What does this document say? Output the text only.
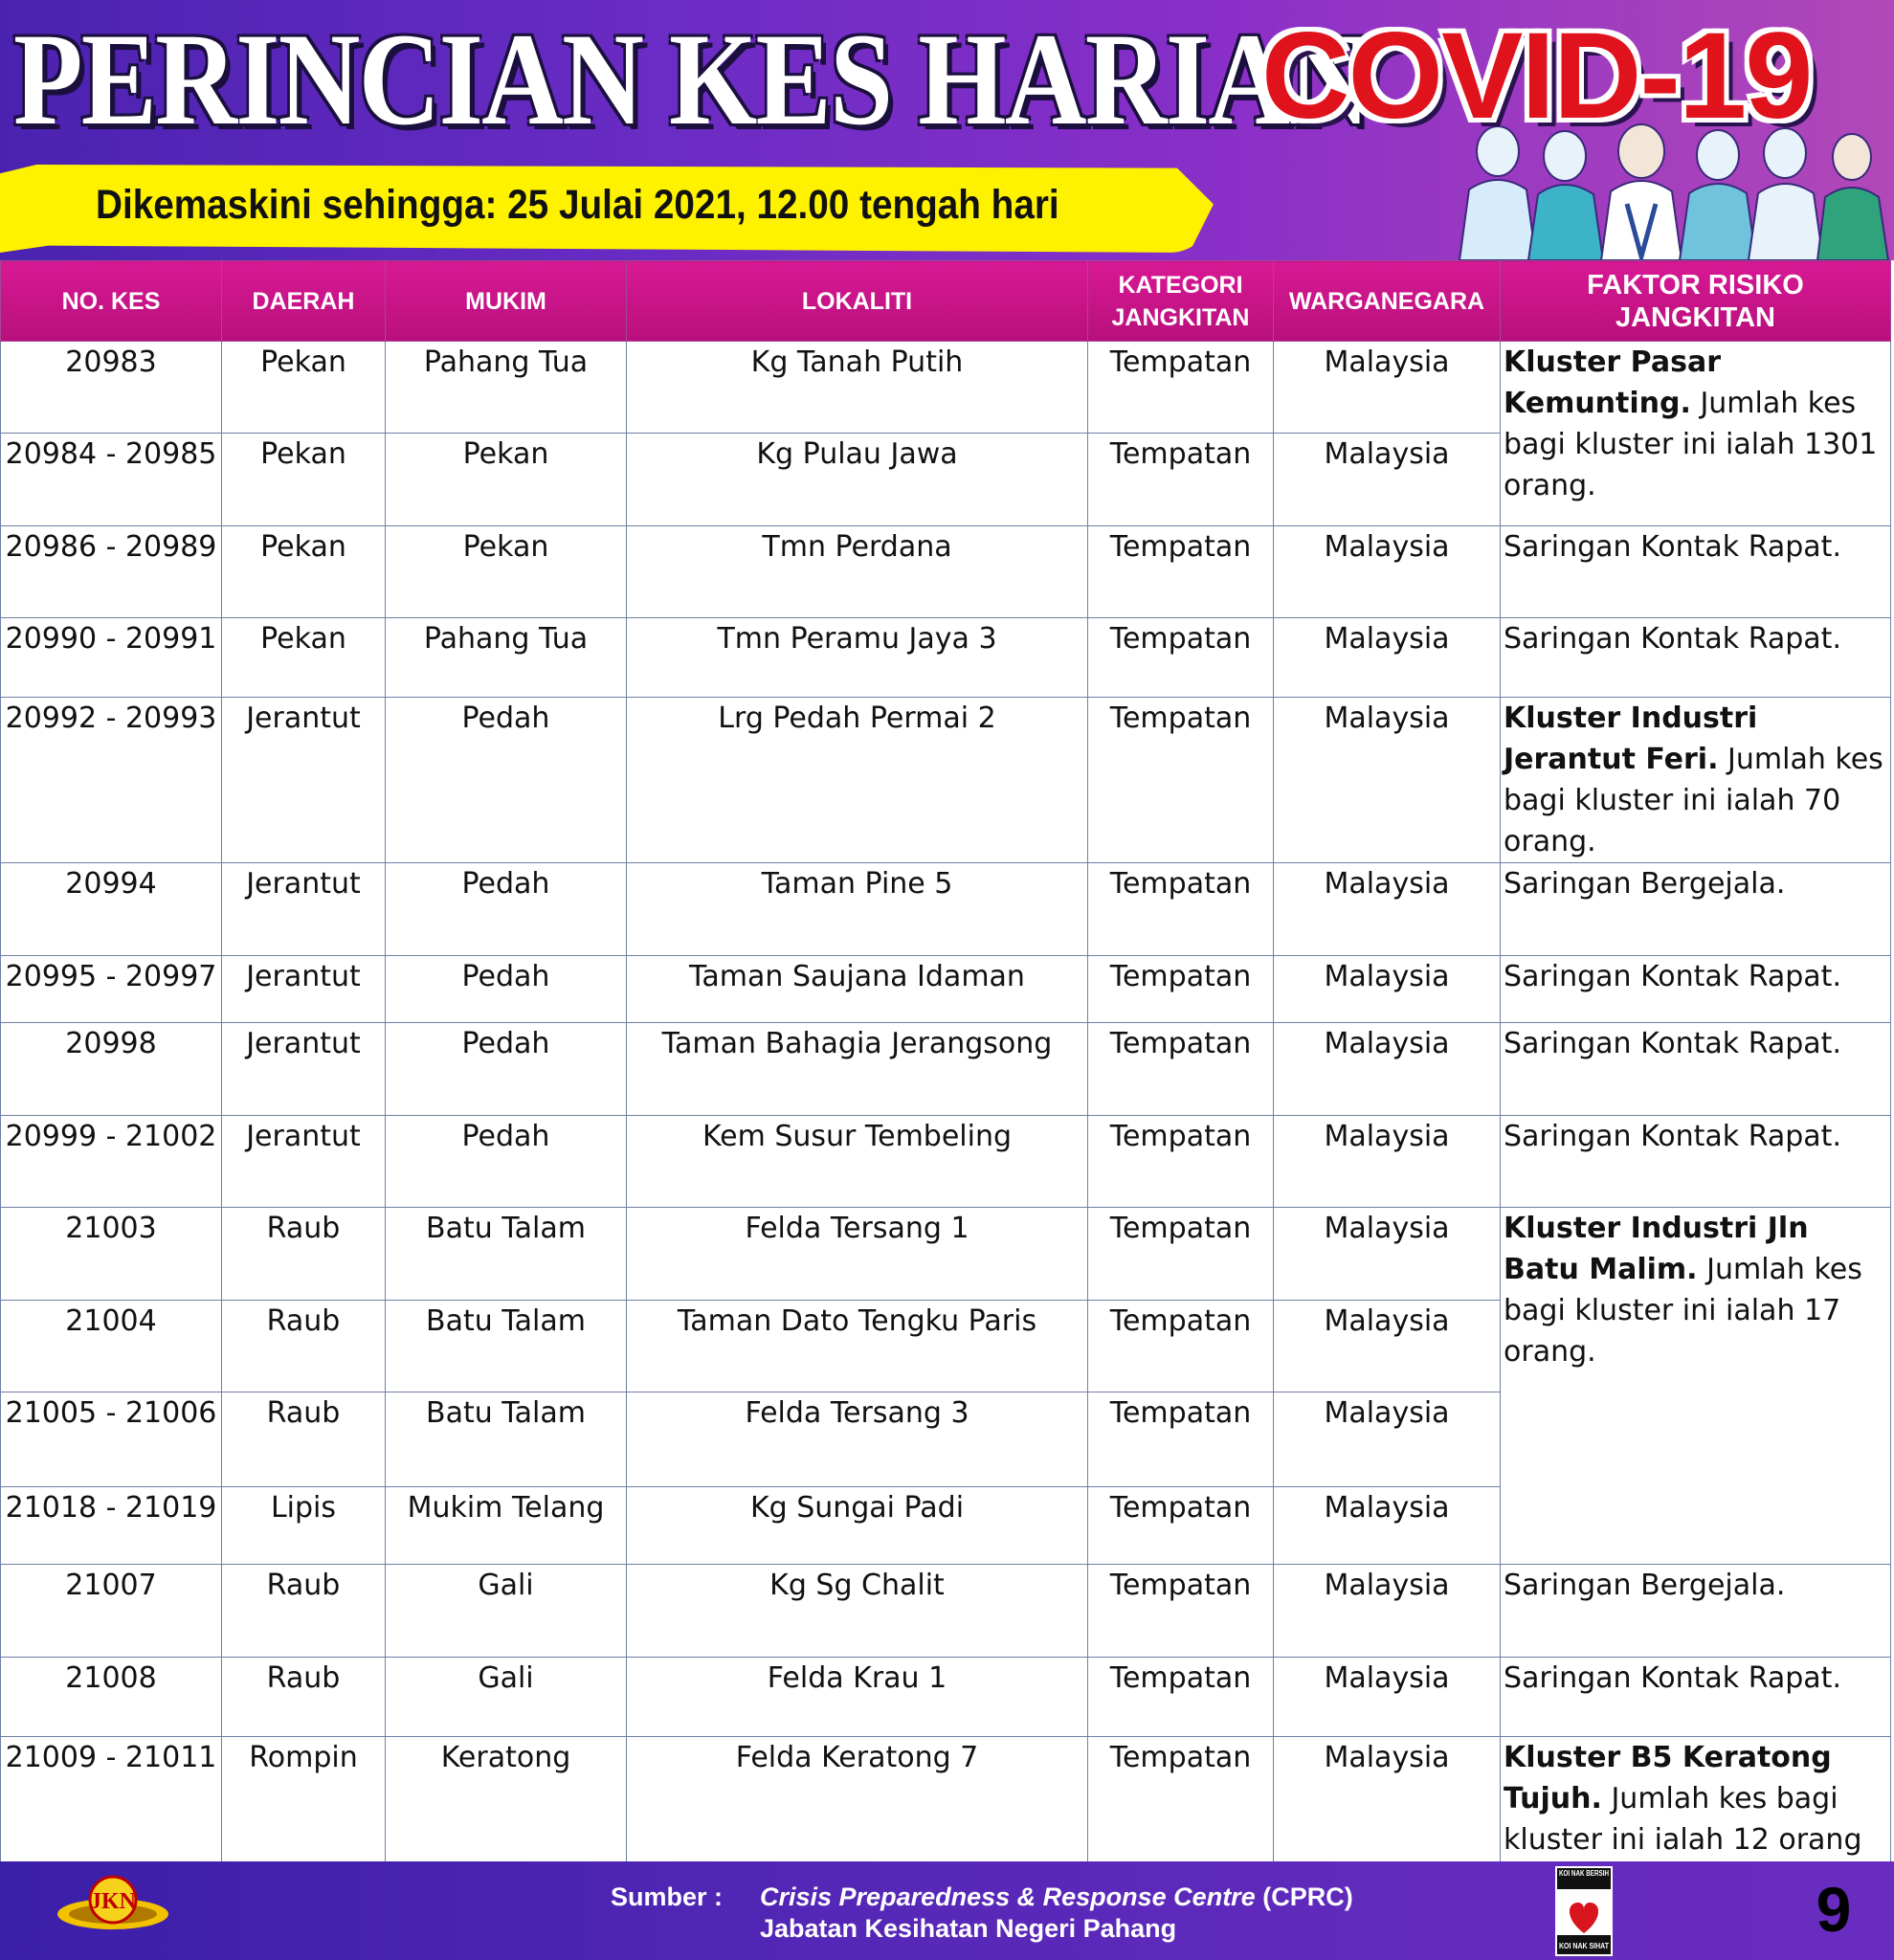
PERINCIAN KES HARIAN
COVID-19
Dikemaskini sehingga: 25 Julai 2021, 12.00 tengah hari
NO. KES	DAERAH	MUKIM	LOKALITI	KATEGORI JANGKITAN	WARGANEGARA	FAKTOR RISIKO JANGKITAN
20983	Pekan	Pahang Tua	Kg Tanah Putih	Tempatan	Malaysia	Kluster Pasar Kemunting. Jumlah kes bagi kluster ini ialah 1301 orang.
20984 - 20985	Pekan	Pekan	Kg Pulau Jawa	Tempatan	Malaysia	
20986 - 20989	Pekan	Pekan	Tmn Perdana	Tempatan	Malaysia	Saringan Kontak Rapat.
20990 - 20991	Pekan	Pahang Tua	Tmn Peramu Jaya 3	Tempatan	Malaysia	Saringan Kontak Rapat.
20992 - 20993	Jerantut	Pedah	Lrg Pedah Permai 2	Tempatan	Malaysia	Kluster Industri Jerantut Feri. Jumlah kes bagi kluster ini ialah 70 orang.
20994	Jerantut	Pedah	Taman Pine 5	Tempatan	Malaysia	Saringan Bergejala.
20995 - 20997	Jerantut	Pedah	Taman Saujana Idaman	Tempatan	Malaysia	Saringan Kontak Rapat.
20998	Jerantut	Pedah	Taman Bahagia Jerangsong	Tempatan	Malaysia	Saringan Kontak Rapat.
20999 - 21002	Jerantut	Pedah	Kem Susur Tembeling	Tempatan	Malaysia	Saringan Kontak Rapat.
21003	Raub	Batu Talam	Felda Tersang 1	Tempatan	Malaysia	Kluster Industri Jln Batu Malim. Jumlah kes bagi kluster ini ialah 17 orang.
21004	Raub	Batu Talam	Taman Dato Tengku Paris	Tempatan	Malaysia	
21005 - 21006	Raub	Batu Talam	Felda Tersang 3	Tempatan	Malaysia	
21018 - 21019	Lipis	Mukim Telang	Kg Sungai Padi	Tempatan	Malaysia	
21007	Raub	Gali	Kg Sg Chalit	Tempatan	Malaysia	Saringan Bergejala.
21008	Raub	Gali	Felda Krau 1	Tempatan	Malaysia	Saringan Kontak Rapat.
21009 - 21011	Rompin	Keratong	Felda Keratong 7	Tempatan	Malaysia	Kluster B5 Keratong Tujuh. Jumlah kes bagi kluster ini ialah 12 orang
JKN	Sumber : Crisis Preparedness & Response Centre (CPRC)
Jabatan Kesihatan Negeri Pahang
KOI NAK BERSIH
KOI NAK SIHAT
9
